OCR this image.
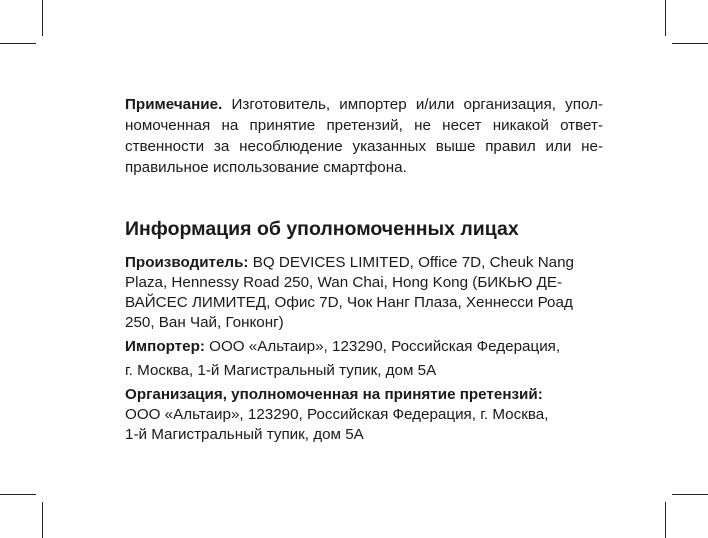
Примечание. Изготовитель, импортер и/или организация, упол- номоченная на принятие претензий, не несет никакой ответ- ственности за несоблюдение указанных выше правил или не- правильное использование смартфона.

Информация об уполномоченных лицах

Производитель: BQ DEVICES LIMITED, Office 7D, Cheuk Nang
Plaza, Hennessy Road 250, Wan Chai, Hong Kong (БИКЬЮ ДЕ-
ВАЙСЕС ЛИМИТЕД, Офис 7D, Чок Нанг Плаза, Хеннесси Роад
250, Ван Чай, Гонконг)

Импортер: ООО «Альтаир», 123290, Российская Федерация,
г. Москва, 1-й Магистральный тупик, дом 5А

Организация, уполномоченная на принятие претензий:
ООО «Альтаир», 123290, Российская Федерация, г. Москва,
1-й Магистральный тупик, дом 5А
